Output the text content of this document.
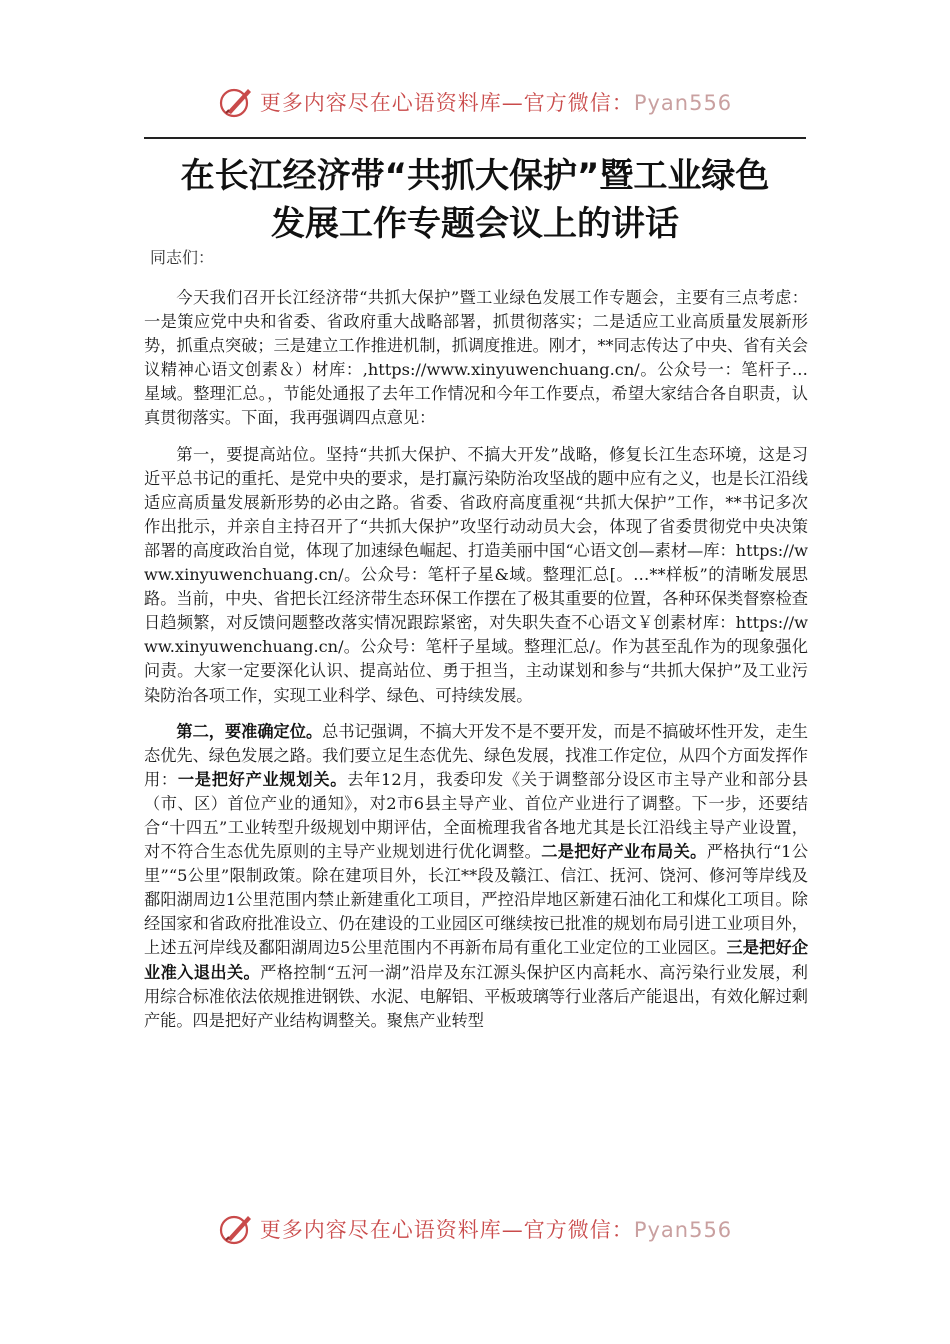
更多内容尽在心语资料库—官方微信：Pyan556
在长江经济带“共抓大保护”暨工业绿色
发展工作专题会议上的讲话
同志们：

今天我们召开长江经济带“共抓大保护”暨工业绿色发展工作专题会，主要有三点考虑：一是策应党中央和省委、省政府重大战略部署，抓贯彻落实；二是适应工业高质量发展新形势，抓重点突破；三是建立工作推进机制，抓调度推进。刚才，**同志传达了中央、省有关会议精神心语文创素＆）材库：,https://www.xinyuwenchuang.cn/。公众号一：笔杆子…星域。整理汇总。，节能处通报了去年工作情况和今年工作要点，希望大家结合各自职责，认真贯彻落实。下面，我再强调四点意见：

第一，要提高站位。坚持“共抓大保护、不搞大开发”战略，修复长江生态环境，这是习近平总书记的重托、是党中央的要求，是打赢污染防治攻坚战的题中应有之义，也是长江沿线适应高质量发展新形势的必由之路。省委、省政府高度重视“共抓大保护”工作，**书记多次作出批示，并亲自主持召开了“共抓大保护”攻坚行动动员大会，体现了省委贯彻党中央决策部署的高度政治自觉，体现了加速绿色崛起、打造美丽中国“心语文创—素材—库：https://www.xinyuwenchuang.cn/。公众号：笔杆子星&域。整理汇总[。…**样板”的清晰发展思路。当前，中央、省把长江经济带生态环保工作摆在了极其重要的位置，各种环保类督察检查日趋频繁，对反馈问题整改落实情况跟踪紧密，对失职失查不心语文￥创素材库：https://www.xinyuwenchuang.cn/。公众号：笔杆子星域。整理汇总/。作为甚至乱作为的现象强化问责。大家一定要深化认识、提高站位、勇于担当，主动谋划和参与“共抓大保护”及工业污染防治各项工作，实现工业科学、绿色、可持续发展。

第二，要准确定位。总书记强调，不搞大开发不是不要开发，而是不搞破坏性开发，走生态优先、绿色发展之路。我们要立足生态优先、绿色发展，找准工作定位，从四个方面发挥作用：一是把好产业规划关。去年12月，我委印发《关于调整部分设区市主导产业和部分县（市、区）首位产业的通知》，对2市6县主导产业、首位产业进行了调整。下一步，还要结合“十四五”工业转型升级规划中期评估，全面梳理我省各地尤其是长江沿线主导产业设置，对不符合生态优先原则的主导产业规划进行优化调整。二是把好产业布局关。严格执行“1公里”“5公里”限制政策。除在建项目外，长江**段及赣江、信江、抚河、饶河、修河等岸线及鄱阳湖周边1公里范围内禁止新建重化工项目，严控沿岸地区新建石油化工和煤化工项目。除经国家和省政府批准设立、仍在建设的工业园区可继续按已批准的规划布局引进工业项目外，上述五河岸线及鄱阳湖周边5公里范围内不再新布局有重化工业定位的工业园区。三是把好企业准入退出关。严格控制“五河一湖”沿岸及东江源头保护区内高耗水、高污染行业发展，利用综合标准依法依规推进钢铁、水泥、电解铝、平板玻璃等行业落后产能退出，有效化解过剩产能。四是把好产业结构调整关。聚焦产业转型

更多内容尽在心语资料库—官方微信：Pyan556
